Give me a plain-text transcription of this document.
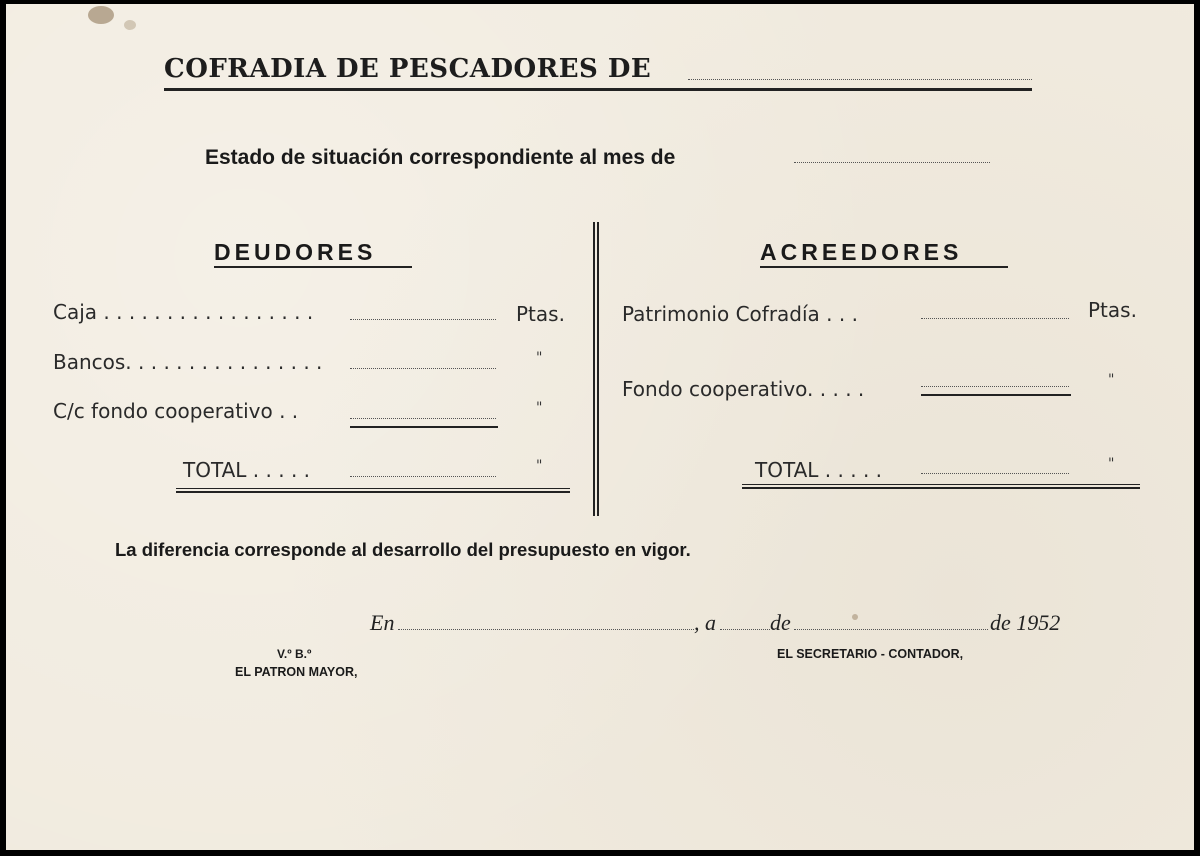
COFRADIA DE PESCADORES DE
Estado de situación correspondiente al mes de
DEUDORES
Caja . . . . . . . . . . . . . . . . .	Ptas.
Bancos. . . . . . . . . . . . . . . .	"
C/c fondo cooperativo . .	"
TOTAL . . . . .	"
ACREEDORES
Patrimonio Cofradía . . .	Ptas.
Fondo cooperativo. . . . .	"
TOTAL . . . . .	"
La diferencia corresponde al desarrollo del presupuesto en vigor.
En	, a de	de 1952
V.º B.º
EL PATRON MAYOR,
EL SECRETARIO - CONTADOR,
